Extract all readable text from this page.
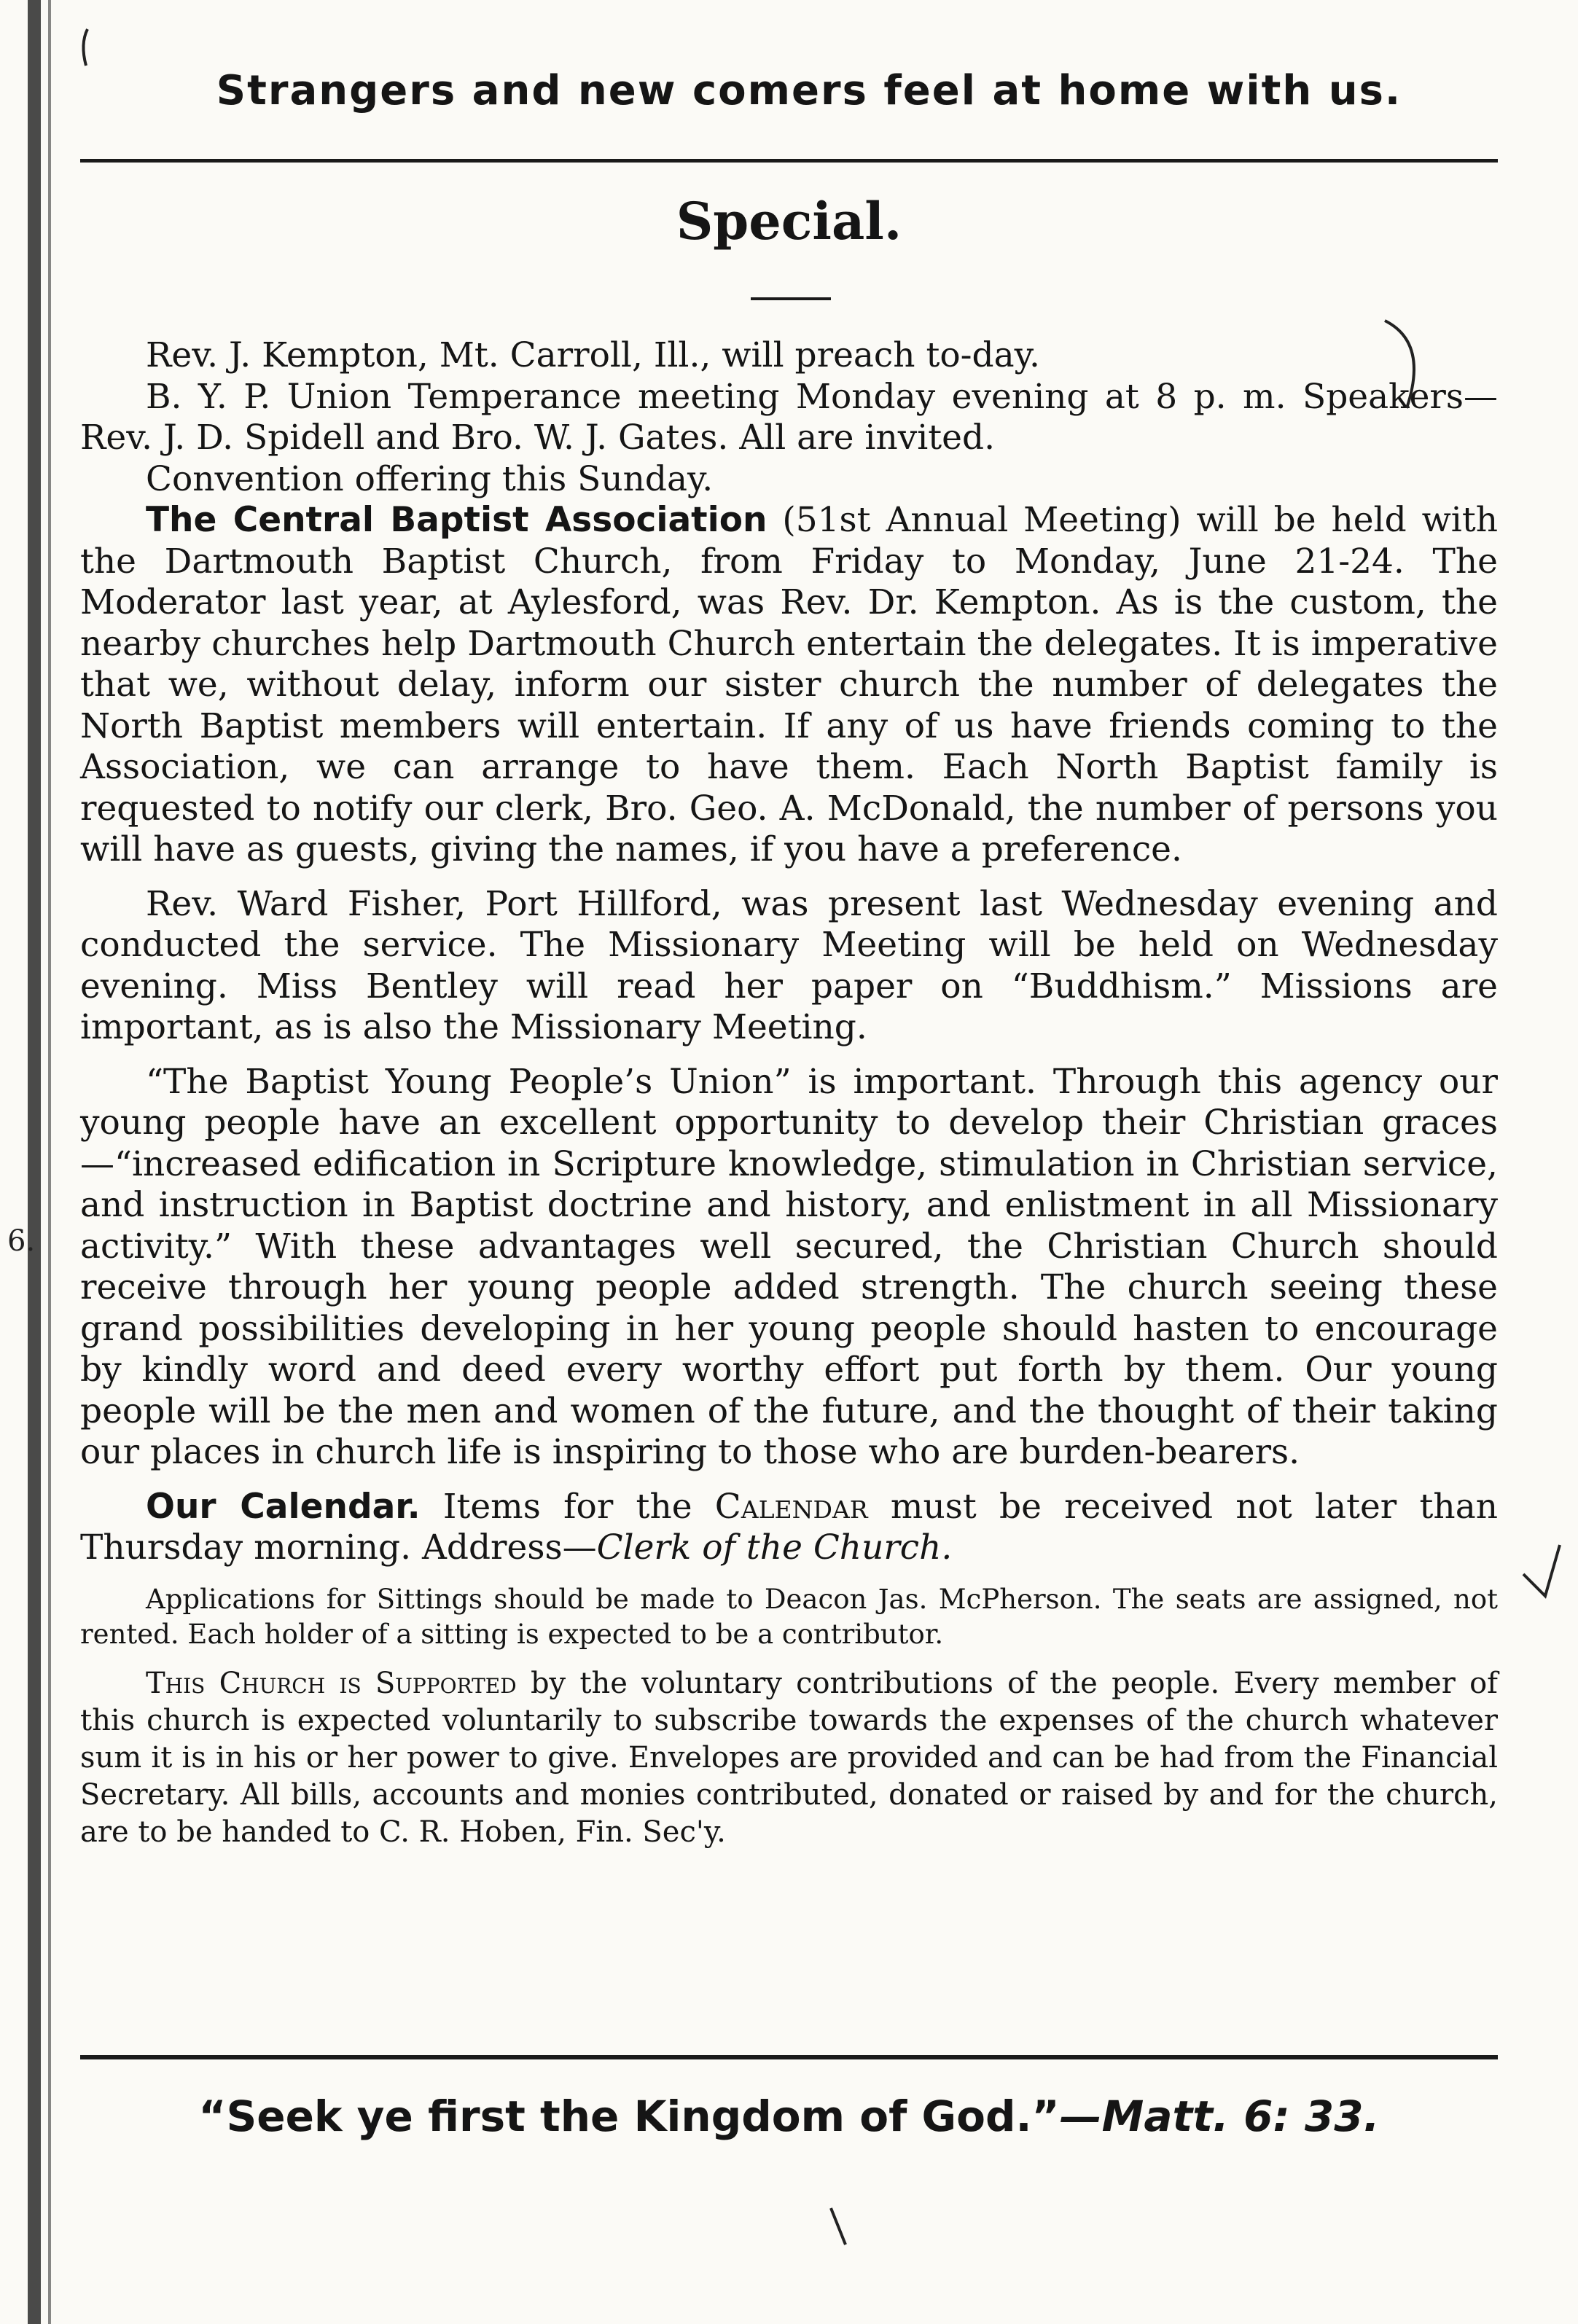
6.
Strangers and new comers feel at home with us.
Special.

Rev. J. Kempton, Mt. Carroll, Ill., will preach to-day.

B. Y. P. Union Temperance meeting Monday evening at 8 p. m. Speakers—Rev. J. D. Spidell and Bro. W. J. Gates. All are invited.

Convention offering this Sunday.

The Central Baptist Association (51st Annual Meeting) will be held with the Dartmouth Baptist Church, from Friday to Monday, June 21-24. The Moderator last year, at Aylesford, was Rev. Dr. Kempton. As is the custom, the nearby churches help Dartmouth Church entertain the delegates. It is imperative that we, without delay, inform our sister church the number of delegates the North Baptist members will entertain. If any of us have friends coming to the Association, we can arrange to have them. Each North Baptist family is requested to notify our clerk, Bro. Geo. A. McDonald, the number of persons you will have as guests, giving the names, if you have a preference.

Rev. Ward Fisher, Port Hillford, was present last Wednesday evening and conducted the service. The Missionary Meeting will be held on Wednesday evening. Miss Bentley will read her paper on “Buddhism.” Missions are important, as is also the Missionary Meeting.

“The Baptist Young People’s Union” is important. Through this agency our young people have an excellent opportunity to develop their Christian graces—“increased edification in Scripture knowledge, stimulation in Christian service, and instruction in Baptist doctrine and history, and enlistment in all Missionary activity.” With these advantages well secured, the Christian Church should receive through her young people added strength. The church seeing these grand possibilities developing in her young people should hasten to encourage by kindly word and deed every worthy effort put forth by them. Our young people will be the men and women of the future, and the thought of their taking our places in church life is inspiring to those who are burden-bearers.

Our Calendar. Items for the Calendar must be received not later than Thursday morning. Address—Clerk of the Church.

Applications for Sittings should be made to Deacon Jas. McPherson. The seats are assigned, not rented. Each holder of a sitting is expected to be a contributor.

This Church is Supported by the voluntary contributions of the people. Every member of this church is expected voluntarily to subscribe towards the expenses of the church whatever sum it is in his or her power to give. Envelopes are provided and can be had from the Financial Secretary. All bills, accounts and monies contributed, donated or raised by and for the church, are to be handed to C. R. Hoben, Fin. Sec'y.

“Seek ye first the Kingdom of God.”—Matt. 6: 33.
